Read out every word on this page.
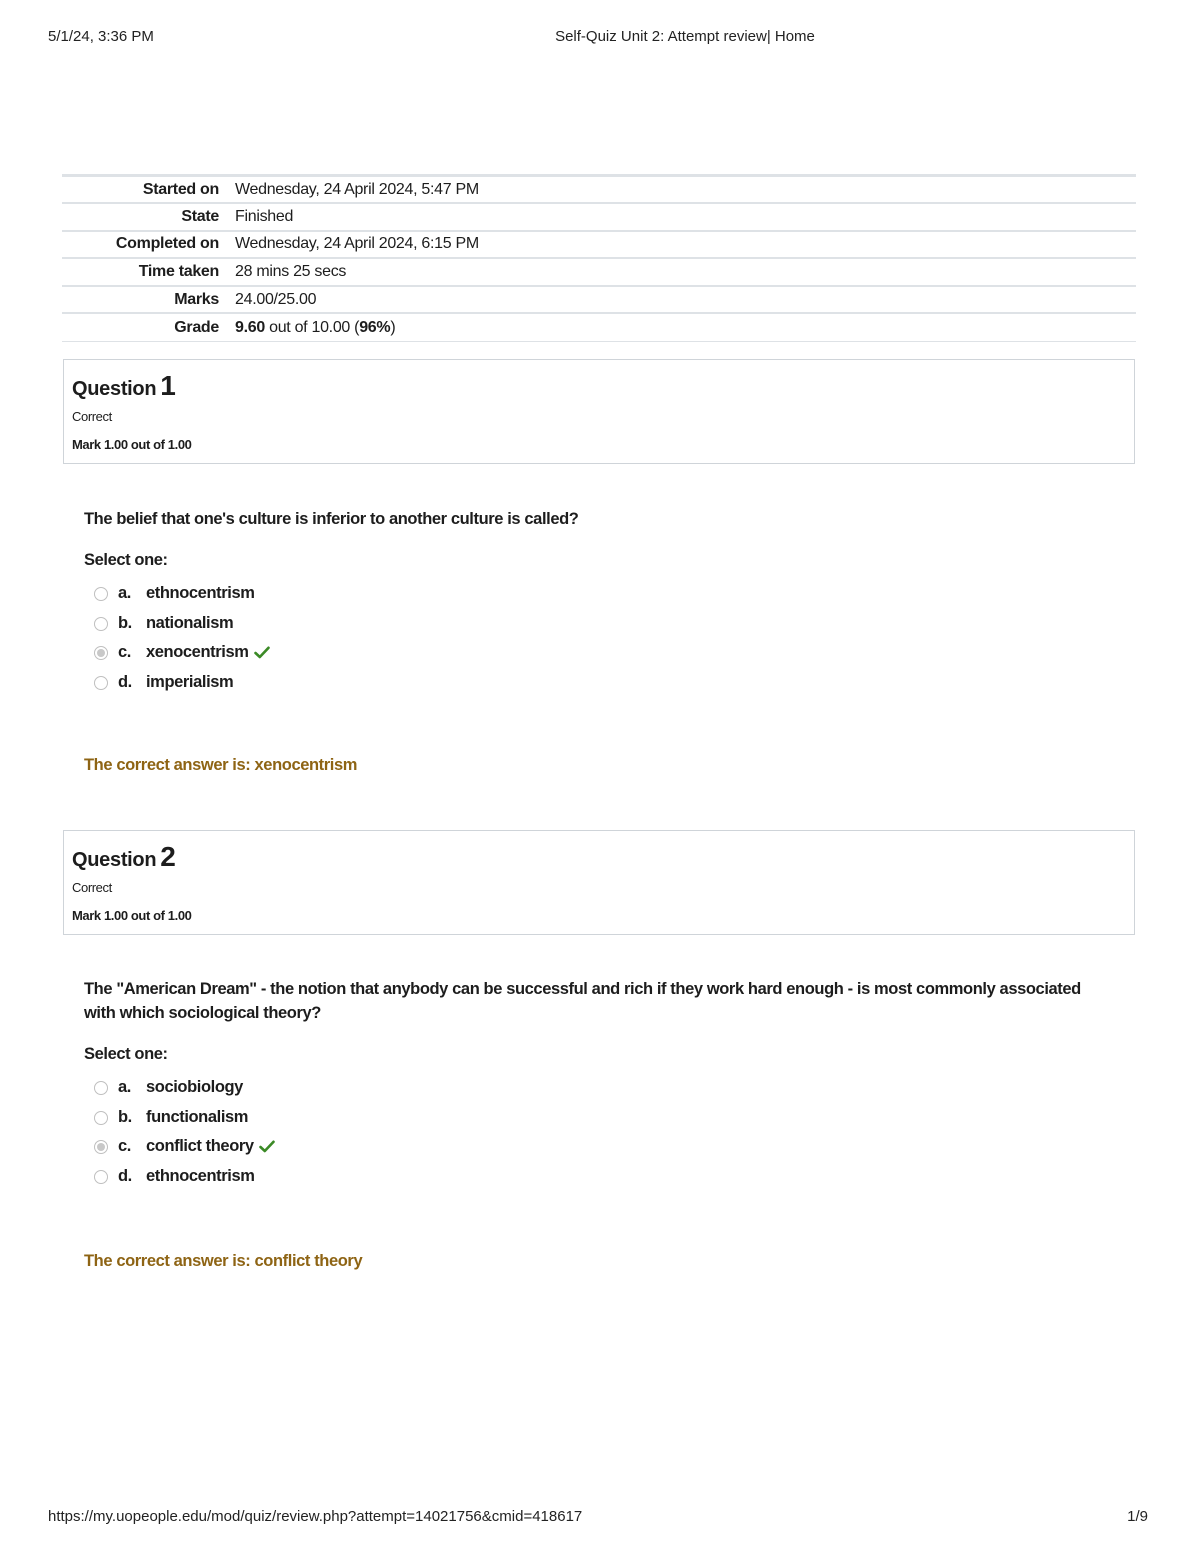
5/1/24, 3:36 PM	Self-Quiz Unit 2: Attempt review| Home
Started on	Wednesday, 24 April 2024, 5:47 PM
State	Finished
Completed on	Wednesday, 24 April 2024, 6:15 PM
Time taken	28 mins 25 secs
Marks	24.00/25.00
Grade	9.60 out of 10.00 (96%)
Question 1
Correct
Mark 1.00 out of 1.00
The belief that one's culture is inferior to another culture is called?
Select one:
a. ethnocentrism
b. nationalism
c. xenocentrism
d. imperialism
The correct answer is: xenocentrism
Question 2
Correct
Mark 1.00 out of 1.00
The "American Dream" - the notion that anybody can be successful and rich if they work hard enough - is most commonly associated with which sociological theory?
Select one:
a. sociobiology
b. functionalism
c. conflict theory
d. ethnocentrism
The correct answer is: conflict theory
https://my.uopeople.edu/mod/quiz/review.php?attempt=14021756&cmid=418617	1/9
